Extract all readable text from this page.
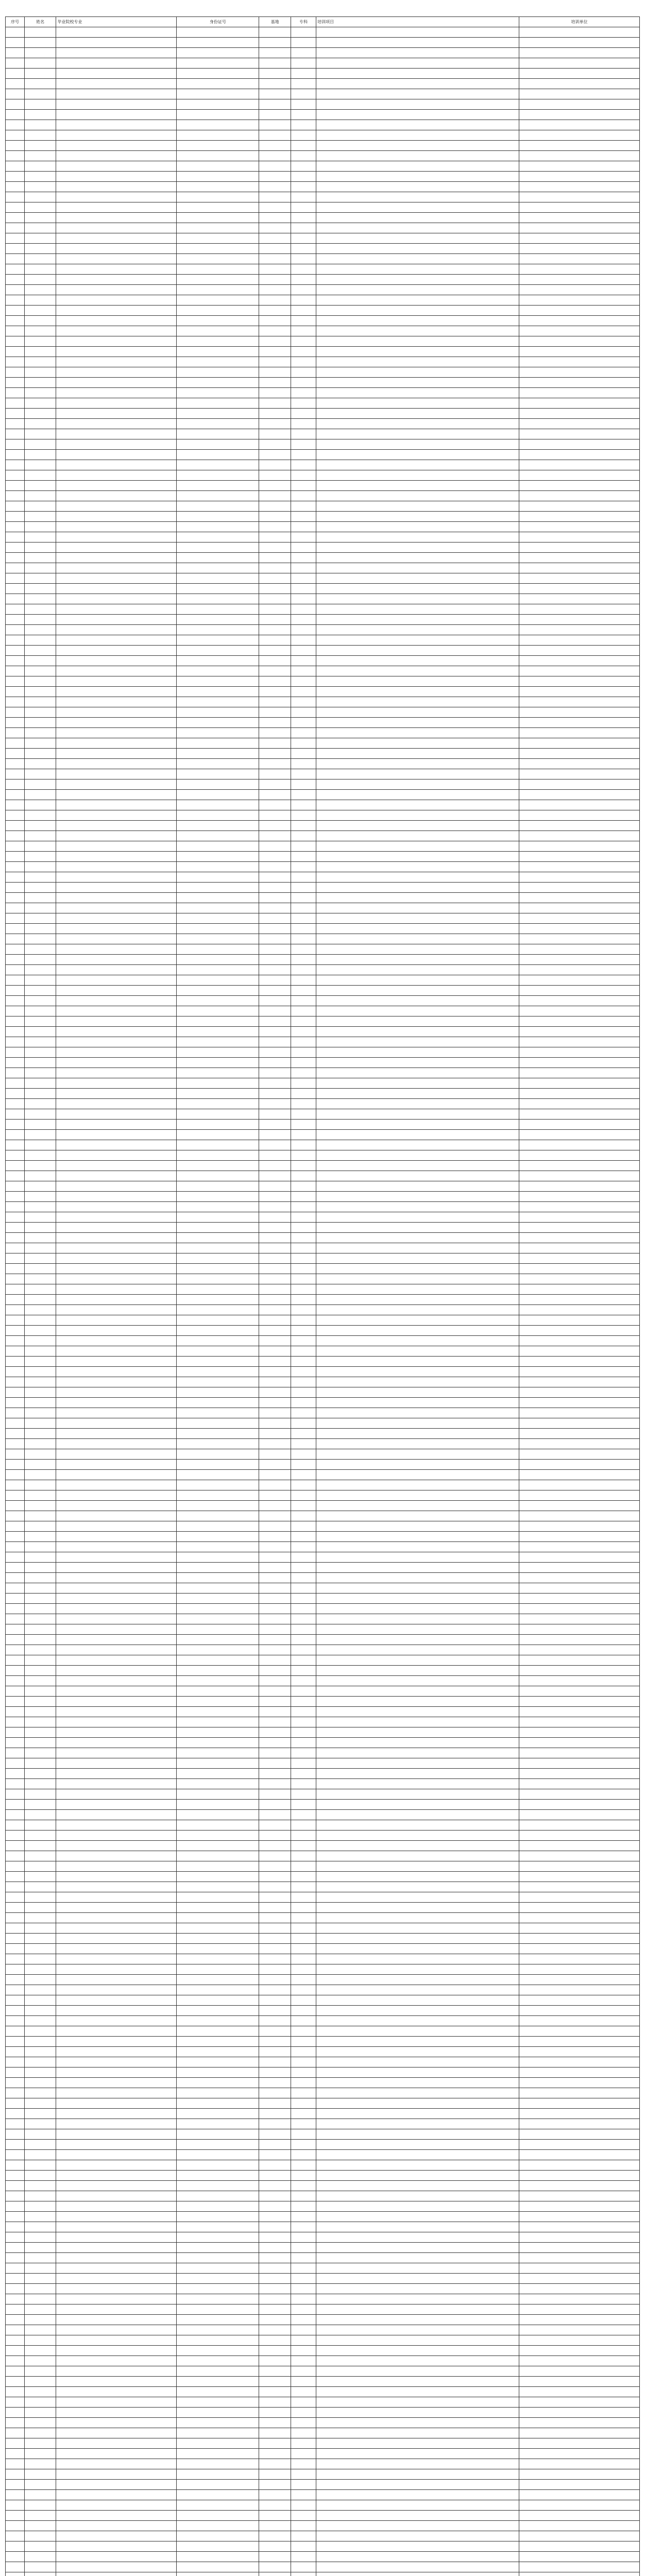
序号	姓名	毕业院校专业	身份证号	基地	专科	培训项目	培训单位
